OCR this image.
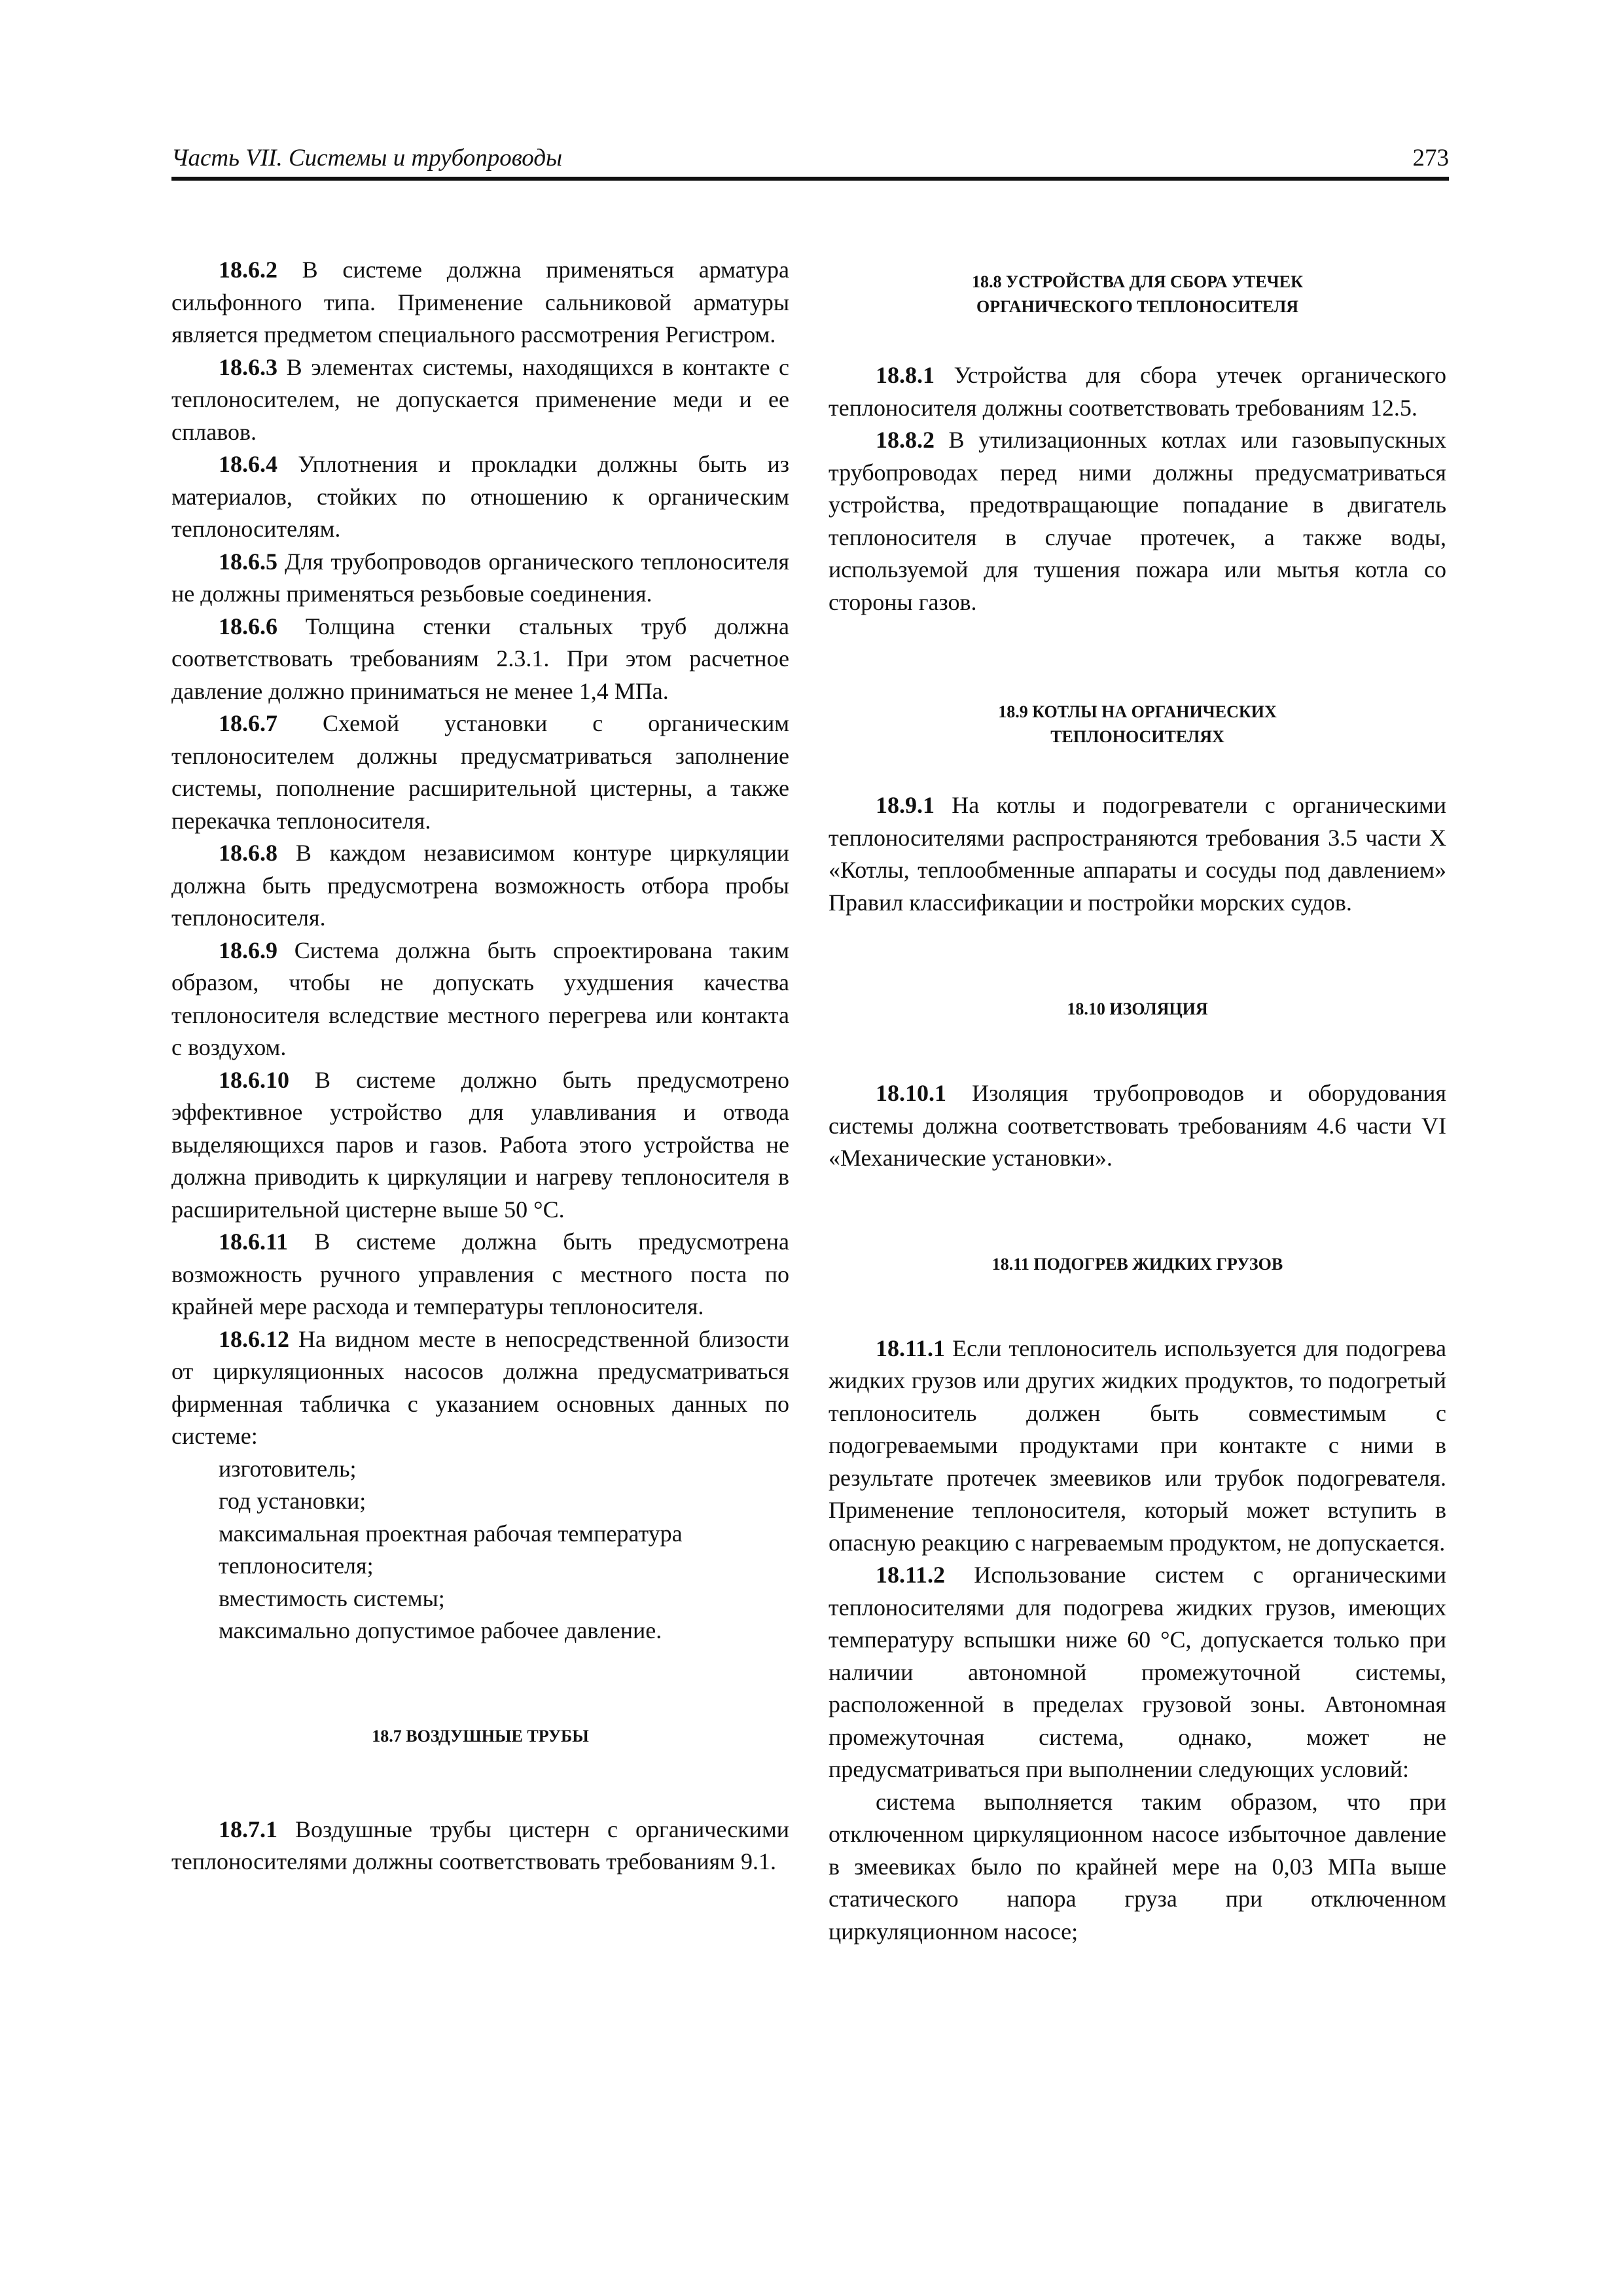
Часть VII. Системы и трубопроводы	273

18.6.2 В системе должна применяться арматура сильфонного типа. Применение сальниковой арматуры является предметом специального рассмотрения Регистром.

18.6.3 В элементах системы, находящихся в контакте с теплоносителем, не допускается применение меди и ее сплавов.

18.6.4 Уплотнения и прокладки должны быть из материалов, стойких по отношению к органическим теплоносителям.

18.6.5 Для трубопроводов органического теплоносителя не должны применяться резьбовые соединения.

18.6.6 Толщина стенки стальных труб должна соответствовать требованиям 2.3.1. При этом расчетное давление должно приниматься не менее 1,4 МПа.

18.6.7 Схемой установки с органическим теплоносителем должны предусматриваться заполнение системы, пополнение расширительной цистерны, а также перекачка теплоносителя.

18.6.8 В каждом независимом контуре циркуляции должна быть предусмотрена возможность отбора пробы теплоносителя.

18.6.9 Система должна быть спроектирована таким образом, чтобы не допускать ухудшения качества теплоносителя вследствие местного перегрева или контакта с воздухом.

18.6.10 В системе должно быть предусмотрено эффективное устройство для улавливания и отвода выделяющихся паров и газов. Работа этого устройства не должна приводить к циркуляции и нагреву теплоносителя в расширительной цистерне выше 50 °С.

18.6.11 В системе должна быть предусмотрена возможность ручного управления с местного поста по крайней мере расхода и температуры теплоносителя.

18.6.12 На видном месте в непосредственной близости от циркуляционных насосов должна предусматриваться фирменная табличка с указанием основных данных по системе:

изготовитель;

год установки;

максимальная проектная рабочая температура теплоносителя;

вместимость системы;

максимально допустимое рабочее давление.

18.7 ВОЗДУШНЫЕ ТРУБЫ

18.7.1 Воздушные трубы цистерн с органическими теплоносителями должны соответствовать требованиям 9.1.

18.8 УСТРОЙСТВА ДЛЯ СБОРА УТЕЧЕК
ОРГАНИЧЕСКОГО ТЕПЛОНОСИТЕЛЯ

18.8.1 Устройства для сбора утечек органического теплоносителя должны соответствовать требованиям 12.5.

18.8.2 В утилизационных котлах или газовыпускных трубопроводах перед ними должны предусматриваться устройства, предотвращающие попадание в двигатель теплоносителя в случае протечек, а также воды, используемой для тушения пожара или мытья котла со стороны газов.

18.9 КОТЛЫ НА ОРГАНИЧЕСКИХ
ТЕПЛОНОСИТЕЛЯХ

18.9.1 На котлы и подогреватели с органическими теплоносителями распространяются требования 3.5 части X «Котлы, теплообменные аппараты и сосуды под давлением» Правил классификации и постройки морских судов.

18.10 ИЗОЛЯЦИЯ

18.10.1 Изоляция трубопроводов и оборудования системы должна соответствовать требованиям 4.6 части VI «Механические установки».

18.11 ПОДОГРЕВ ЖИДКИХ ГРУЗОВ

18.11.1 Если теплоноситель используется для подогрева жидких грузов или других жидких продуктов, то подогретый теплоноситель должен быть совместимым с подогреваемыми продуктами при контакте с ними в результате протечек змеевиков или трубок подогревателя. Применение теплоносителя, который может вступить в опасную реакцию с нагреваемым продуктом, не допускается.

18.11.2 Использование систем с органическими теплоносителями для подогрева жидких грузов, имеющих температуру вспышки ниже 60 °С, допускается только при наличии автономной промежуточной системы, расположенной в пределах грузовой зоны. Автономная промежуточная система, однако, может не предусматриваться при выполнении следующих условий:

система выполняется таким образом, что при отключенном циркуляционном насосе избыточное давление в змеевиках было по крайней мере на 0,03 МПа выше статического напора груза при отключенном циркуляционном насосе;
